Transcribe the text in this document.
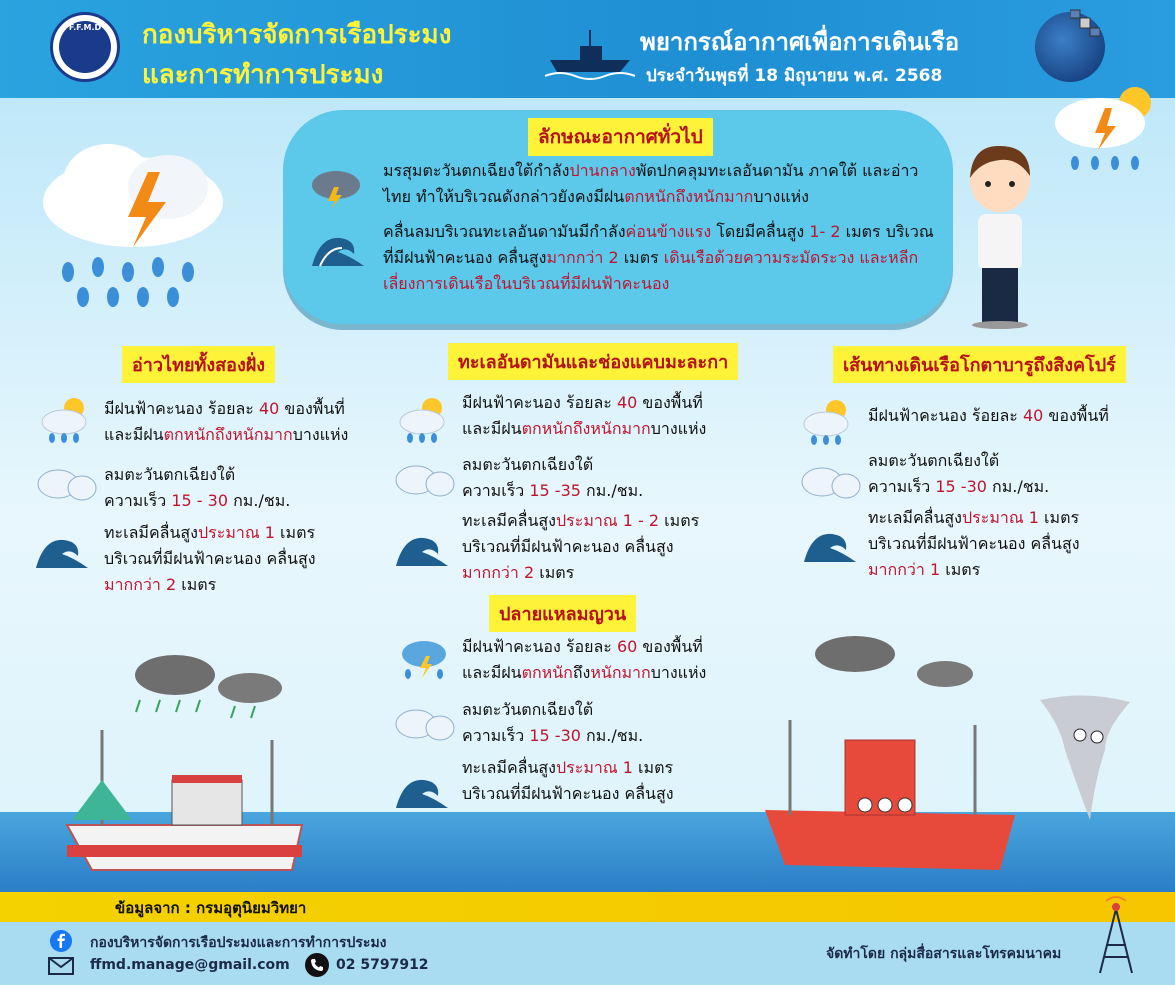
F.F.M.D	กองบริหารจัดการเรือประมง
และการทำการประมง
พยากรณ์อากาศเพื่อการเดินเรือ
ประจำวันพุธที่ 18 มิถุนายน พ.ศ. 2568
ลักษณะอากาศทั่วไป
มรสุมตะวันตกเฉียงใต้กำลังปานกลางพัดปกคลุมทะเลอันดามัน ภาคใต้ และอ่าวไทย ทำให้บริเวณดังกล่าวยังคงมีฝนตกหนักถึงหนักมากบางแห่ง
คลื่นลมบริเวณทะเลอันดามันมีกำลังค่อนข้างแรง โดยมีคลื่นสูง 1- 2 เมตร บริเวณที่มีฝนฟ้าคะนอง คลื่นสูงมากกว่า 2 เมตร เดินเรือด้วยความระมัดระวง และหลีกเลี่ยงการเดินเรือในบริเวณที่มีฝนฟ้าคะนอง
อ่าวไทยทั้งสองฝั่ง
มีฝนฟ้าคะนอง ร้อยละ 40 ของพื้นที่
และมีฝนตกหนักถึงหนักมากบางแห่ง
ลมตะวันตกเฉียงใต้
ความเร็ว 15 - 30 กม./ชม.
ทะเลมีคลื่นสูงประมาณ 1 เมตร
บริเวณที่มีฝนฟ้าคะนอง คลื่นสูง
มากกว่า 2 เมตร
ทะเลอันดามันและช่องแคบมะละกา
มีฝนฟ้าคะนอง ร้อยละ 40 ของพื้นที่
และมีฝนตกหนักถึงหนักมากบางแห่ง
ลมตะวันตกเฉียงใต้
ความเร็ว 15 -35 กม./ชม.
ทะเลมีคลื่นสูงประมาณ 1 - 2 เมตร
บริเวณที่มีฝนฟ้าคะนอง คลื่นสูง
มากกว่า 2 เมตร
เส้นทางเดินเรือโกตาบารูถึงสิงคโปร์
มีฝนฟ้าคะนอง ร้อยละ 40 ของพื้นที่
ลมตะวันตกเฉียงใต้
ความเร็ว 15 -30 กม./ชม.
ทะเลมีคลื่นสูงประมาณ 1 เมตร
บริเวณที่มีฝนฟ้าคะนอง คลื่นสูง
มากกว่า 1 เมตร
ปลายแหลมญวน
มีฝนฟ้าคะนอง ร้อยละ 60 ของพื้นที่
และมีฝนตกหนักถึงหนักมากบางแห่ง
ลมตะวันตกเฉียงใต้
ความเร็ว 15 -30 กม./ชม.
ทะเลมีคลื่นสูงประมาณ 1 เมตร
บริเวณที่มีฝนฟ้าคะนอง คลื่นสูง

ข้อมูลจาก : กรมอุตุนิยมวิทยา
กองบริหารจัดการเรือประมงและการทำการประมง
ffmd.manage@gmail.com	02 5797912
จัดทำโดย กลุ่มสื่อสารและโทรคมนาคม
